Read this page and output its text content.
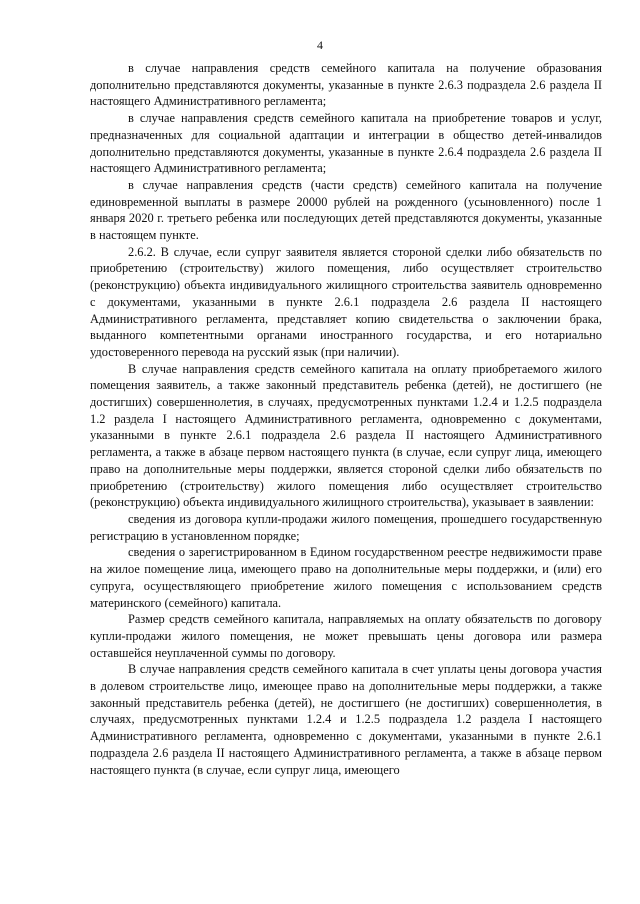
4

в случае направления средств семейного капитала на получение образования дополнительно представляются документы, указанные в пункте 2.6.3 подраздела 2.6 раздела II настоящего Административного регламента;

в случае направления средств семейного капитала на приобретение товаров и услуг, предназначенных для социальной адаптации и интеграции в общество детей-инвалидов дополнительно представляются документы, указанные в пункте 2.6.4 подраздела 2.6 раздела II настоящего Административного регламента;

в случае направления средств (части средств) семейного капитала на получение единовременной выплаты в размере 20000 рублей на рожденного (усыновленного) после 1 января 2020 г. третьего ребенка или последующих детей представляются документы, указанные в настоящем пункте.

2.6.2. В случае, если супруг заявителя является стороной сделки либо обязательств по приобретению (строительству) жилого помещения, либо осуществляет строительство (реконструкцию) объекта индивидуального жилищного строительства заявитель одновременно с документами, указанными в пункте 2.6.1 подраздела 2.6 раздела II настоящего Административного регламента, представляет копию свидетельства о заключении брака, выданного компетентными органами иностранного государства, и его нотариально удостоверенного перевода на русский язык (при наличии).

В случае направления средств семейного капитала на оплату приобретаемого жилого помещения заявитель, а также законный представитель ребенка (детей), не достигшего (не достигших) совершеннолетия, в случаях, предусмотренных пунктами 1.2.4 и 1.2.5 подраздела 1.2 раздела I настоящего Административного регламента, одновременно с документами, указанными в пункте 2.6.1 подраздела 2.6 раздела II настоящего Административного регламента, а также в абзаце первом настоящего пункта (в случае, если супруг лица, имеющего право на дополнительные меры поддержки, является стороной сделки либо обязательств по приобретению (строительству) жилого помещения либо осуществляет строительство (реконструкцию) объекта индивидуального жилищного строительства), указывает в заявлении:

сведения из договора купли-продажи жилого помещения, прошедшего государственную регистрацию в установленном порядке;

сведения о зарегистрированном в Едином государственном реестре недвижимости праве на жилое помещение лица, имеющего право на дополнительные меры поддержки, и (или) его супруга, осуществляющего приобретение жилого помещения с использованием средств материнского (семейного) капитала.

Размер средств семейного капитала, направляемых на оплату обязательств по договору купли-продажи жилого помещения, не может превышать цены договора или размера оставшейся неуплаченной суммы по договору.

В случае направления средств семейного капитала в счет уплаты цены договора участия в долевом строительстве лицо, имеющее право на дополнительные меры поддержки, а также законный представитель ребенка (детей), не достигшего (не достигших) совершеннолетия, в случаях, предусмотренных пунктами 1.2.4 и 1.2.5 подраздела 1.2 раздела I настоящего Административного регламента, одновременно с документами, указанными в пункте 2.6.1 подраздела 2.6 раздела II настоящего Административного регламента, а также в абзаце первом настоящего пункта (в случае, если супруг лица, имеющего
